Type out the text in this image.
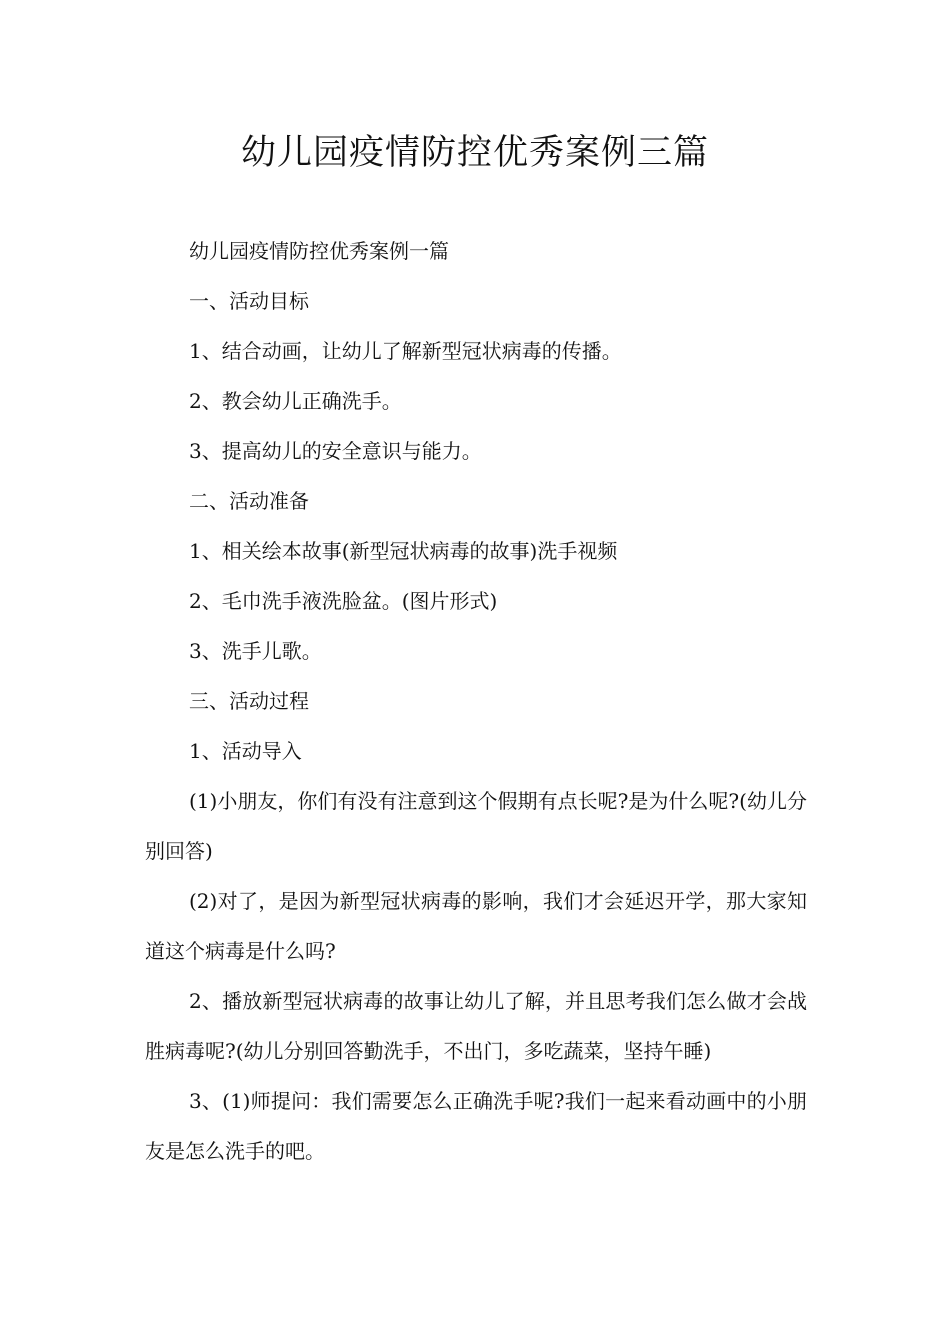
幼儿园疫情防控优秀案例三篇

幼儿园疫情防控优秀案例一篇

一、活动目标

1、结合动画，让幼儿了解新型冠状病毒的传播。

2、教会幼儿正确洗手。

3、提高幼儿的安全意识与能力。

二、活动准备

1、相关绘本故事(新型冠状病毒的故事)洗手视频

2、毛巾洗手液洗脸盆。(图片形式)

3、洗手儿歌。

三、活动过程

1、活动导入

(1)小朋友，你们有没有注意到这个假期有点长呢?是为什么呢?(幼儿分别回答)

(2)对了，是因为新型冠状病毒的影响，我们才会延迟开学，那大家知道这个病毒是什么吗?

2、播放新型冠状病毒的故事让幼儿了解，并且思考我们怎么做才会战胜病毒呢?(幼儿分别回答勤洗手，不出门，多吃蔬菜，坚持午睡)

3、(1)师提问：我们需要怎么正确洗手呢?我们一起来看动画中的小朋友是怎么洗手的吧。
